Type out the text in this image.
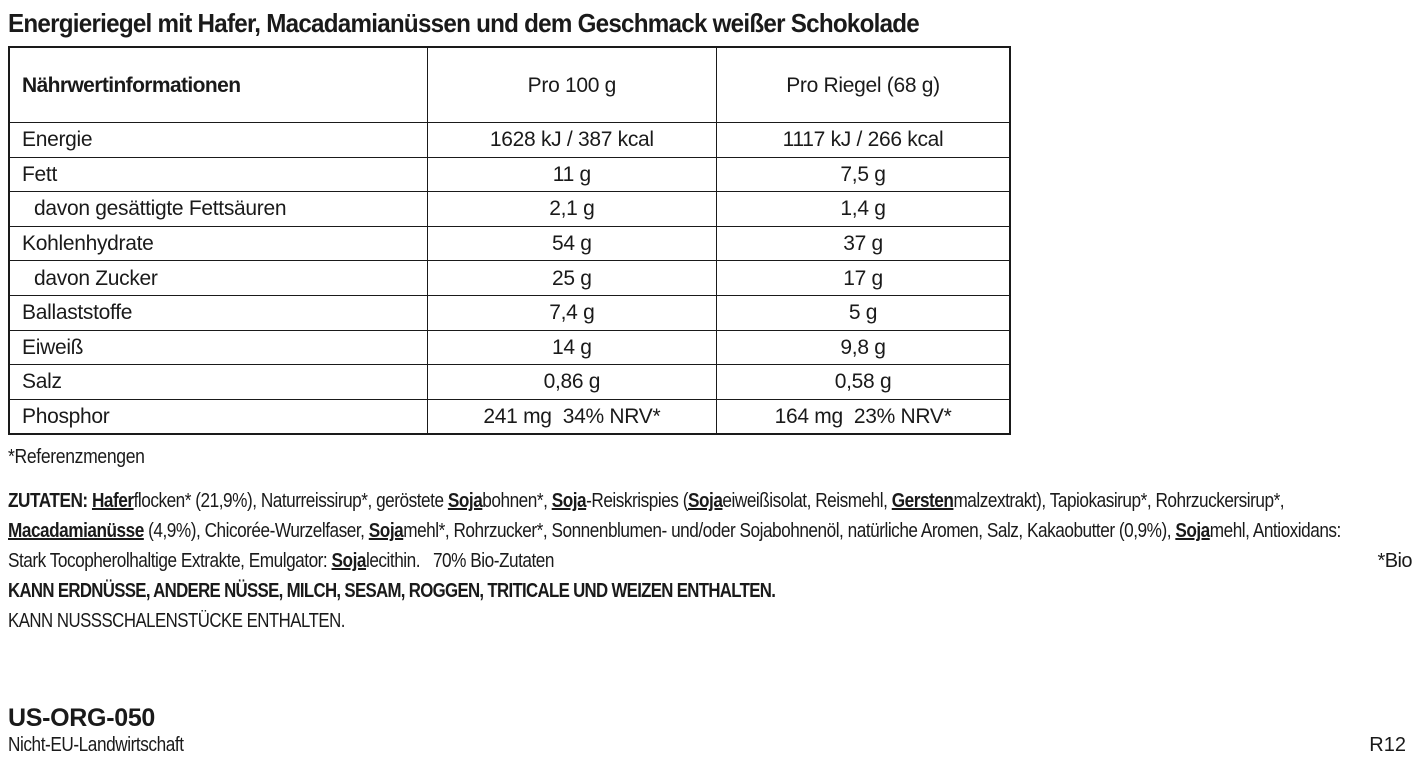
Energieriegel mit Hafer, Macadamianüssen und dem Geschmack weißer Schokolade
Nährwertinformationen	Pro 100 g	Pro Riegel (68 g)
Energie	1628 kJ / 387 kcal	1117 kJ / 266 kcal
Fett	11 g	7,5 g
davon gesättigte Fettsäuren	2,1 g	1,4 g
Kohlenhydrate	54 g	37 g
davon Zucker	25 g	17 g
Ballaststoffe	7,4 g	5 g
Eiweiß	14 g	9,8 g
Salz	0,86 g	0,58 g
Phosphor	241 mg  34% NRV*	164 mg  23% NRV*
*Referenzmengen
ZUTATEN: Haferflocken* (21,9%), Naturreissirup*, geröstete Sojabohnen*, Soja-Reiskrispies (Sojaeiweißisolat, Reismehl, Gerstenmalzextrakt), Tapiokasirup*, Rohrzuckersirup*,
Macadamianüsse (4,9%), Chicorée-Wurzelfaser, Sojamehl*, Rohrzucker*, Sonnenblumen- und/oder Sojabohnenöl, natürliche Aromen, Salz, Kakaobutter (0,9%), Sojamehl, Antioxidans:
Stark Tocopherolhaltige Extrakte, Emulgator: Sojalecithin.   70% Bio-Zutaten	*Bio
KANN ERDNÜSSE, ANDERE NÜSSE, MILCH, SESAM, ROGGEN, TRITICALE UND WEIZEN ENTHALTEN.
KANN NUSSSCHALENSTÜCKE ENTHALTEN.
US-ORG-050
Nicht-EU-Landwirtschaft	R12
